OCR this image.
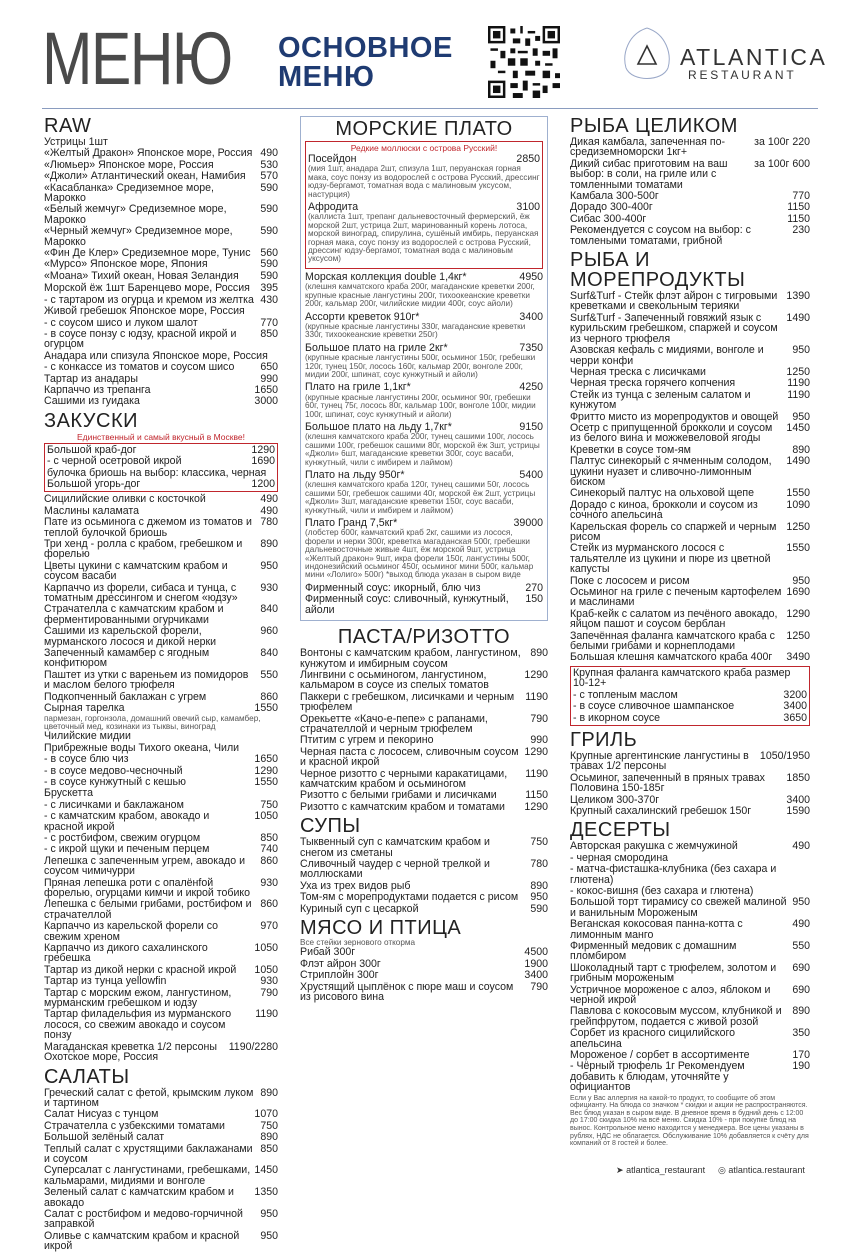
МЕНЮ ОСНОВНОЕ
МЕНЮ
ATLANTICA
RESTAURANT
RAW
Устрицы 1шт
«Желтый Дракон» Японское море, Россия 490
«Люмьер» Японское море, Россия	530
«Джоли» Атлантический океан, Намибия	570
«Касабланка» Средиземное море, Марокко
590
«Белый жемчуг» Средиземное море, Марокко
590
«Черный жемчуг» Средиземное море, Марокко
590
«Фин Де Клер» Средиземное море, Тунис 560
«Мурсо» Японское море, Япония	590
«Моана» Тихий океан, Новая Зеландия	590
Морской ёж 1шт Баренцево море, Россия 395
- с тартаром из огурца и кремом из желтка 430
Живой гребешок Японское море, Россия
- с соусом шисо и луком шалот	770
- в соусе понзу с юдзу, красной икрой и огурцом
850
Анадара или спизула Японское море, Россия
- с конкассе из томатов и соусом шисо	650
Тартар из анадары	990
Карпаччо из трепанга	1650
Сашими из гуидака	3000
ЗАКУСКИ
Единственный и самый вкусный в Москве!
Большой краб-дог	1290
- с черной осетровой икрой	1690
булочка бриошь на выбор: классика, черная
Большой угорь-дог	1200
Сицилийские оливки с косточкой	490
Маслины каламата	490
Пате из осьминога с джемом из томатов и теплой булочкой бриошь
780
Три хенд - ролла с крабом, гребешком и форелью
890
Цветы цукини с камчатским крабом и соусом васаби
950
Карпаччо из форели, сибаса и тунца, с томатным дрессингом и снегом «юдзу»
930
Страчателла с камчатским крабом и ферментированными огурчиками
840
Сашими из карельской форели, мурманского лосося и дикой нерки
960
Запеченный камамбер с ягодным конфитюром
840
Паштет из утки с вареньем из помидоров и маслом белого трюфеля
550
Подкопченный баклажан с угрем	860
Сырная тарелка	1550
пармезан, горгонзола, домашний овечий сыр, камамбер, цветочный мед, козинаки из тыквы, виноград
Чилийские мидии
Прибрежные воды Тихого океана, Чили
- в соусе блю чиз	1650
- в соусе медово-чесночный	1290
- в соусе кунжутный с кешью	1550
Брускетта
- с лисичками и баклажаном	750
- с камчатским крабом, авокадо и красной икрой
1050
- с ростбифом, свежим огурцом	850
- с икрой щуки и печеным перцем	740
Лепешка с запеченным угрем, авокадо и соусом чимичурри
860
Пряная лепешка роти с опалёнfой форелью, огурцами кимчи и икрой тобико
930
Лепешка с белыми грибами, ростбифом и страчателлой
860
Карпаччо из карельской форели со свежим хреном
970
Карпаччо из дикого сахалинского гребешка
1050
Тартар из дикой нерки с красной икрой	1050
Тартар из тунца yellowfin	930
Тартар с морским ежом, лангустином, мурманским гребешком и юдзу
790
Тартар филадельфия из мурманского лосося, со свежим авокадо и соусом понзу
1190
Магаданская креветка 1/2 персоны Охотское море, Россия
1190/2280
САЛАТЫ
Греческий салат с фетой, крымским луком и тартином
890
Салат Нисуаз с тунцом	1070
Страчателла с узбекскими томатами	750
Большой зелёный салат	890
Теплый салат с хрустящими баклажанами и соусом
850
Суперсалат с лангустинами, гребешками, кальмарами, мидиями и вонголе
1450
Зеленый салат с камчатским крабом и авокадо
1350
Салат с ростбифом и медово-горчичной заправкой
950
Оливье с камчатским крабом и красной икрой
950
МОРСКИЕ ПЛАТО
Редкие моллюски с острова Русский!
Посейдон	2850
(мия 1шт, анадара 2шт, спизула 1шт, перуанская горная мака, соус понзу из водорослей с острова Русский, дрессинг юдзу-бергамот, томатная вода с малиновым уксусом, настурция)
Афродита	3100
(каллиста 1шт, трепанг дальневосточный фермерский, ёж морской 2шт, устрица 2шт, маринованный корень лотоса, морской виноград, спирулина, сушёный имбирь, перуанская горная мака, соус понзу из водорослей с острова Русский, дрессинг юдзу-бергамот, томатная вода с малиновым уксусом)
Морская коллекция double 1,4кг*	4950
(клешня камчатского краба 200г, магаданские креветки 200г, крупные красные лангустины 200г, тихоокеанские креветки 200г, кальмар 200г, чилийские мидии 400г, соус айоли)
Ассорти креветок 910г*	3400
(крупные красные лангустины 330г, магаданские креветки 330г, тихоокеанские креветки 250г)
Большое плато на гриле 2кг*	7350
(крупные красные лангустины 500г, осьминог 150г, гребешки 120г, тунец 150г, лосось 160г, кальмар 200г, вонголе 200г, мидии 200г, шпинат, соус кунжутный и айоли)
Плато на гриле 1,1кг*	4250
(крупные красные лангустины 200г, осьминог 90г, гребешки 60г, тунец 75г, лосось 80г, кальмар 100г, вонголе 100г, мидии 100г, шпинат, соус кунжутный и айоли)
Большое плато на льду 1,7кг*	9150
(клешня камчатского краба 200г, тунец сашими 100г, лосось сашими 100г, гребешок сашими 80г, морской ёж 3шт, устрицы «Джоли» 6шт, магаданские креветки 300г, соус васаби, кунжутный, чили с имбирем и лаймом)
Плато на льду 950г*	5400
(клешня камчатского краба 120г, тунец сашими 50г, лосось сашими 50г, гребешок сашими 40г, морской ёж 2шт, устрицы «Джоли» 3шт, магаданские креветки 150г, соус васаби, кунжутный, чили и имбирем и лаймом)
Плато Гранд 7,5кг*	39000
(лобстер 600г, камчатский краб 2кг, сашими из лосося, форели и нерки 300г, креветка магаданская 500г, гребешки дальневосточные живые 4шт, ёж морской 9шт, устрица «Желтый дракон» 9шт, икра форели 150г, лангустины 500г, индонезийский осьминог 450г, осьминог мини 500г, кальмар мини «Лолиго» 500г) *выход блюда указан в сыром виде
Фирменный соус: икорный, блю чиз	270
Фирменный соус: сливочный, кунжутный, айоли
150
ПАСТА/РИЗОТТО
Вонтоны с камчатским крабом, лангустином, кунжутом и имбирным соусом
890
Лингвини с осьминогом, лангустином, кальмаром в соусе из спелых томатов
1290
Паккери с гребешком, лисичками и черным трюфелем
1190
Орекьетте «Качо-е-пепе» с рапанами, страчателлой и черным трюфелем
790
Птитим с угрем и пекорино	990
Черная паста с лососем, сливочным соусом и красной икрой
1290
Черное ризотто с черными каракатицами, камчатским крабом и осьминогом
1190
Ризотто с белыми грибами и лисичками	1150
Ризотто с камчатским крабом и томатами	1290
СУПЫ
Тыквенный суп с камчатским крабом и снегом из сметаны
750
Сливочный чаудер с черной трелкой и моллюсками
780
Уха из трех видов рыб	890
Том-ям с морепродуктами подается с рисом	950
Куриный суп с цесаркой	590
МЯСО И ПТИЦА
Все стейки зернового откорма
Рибай 300г	4500
Флэт айрон 300г	1900
Стриплойн 300г	3400
Хрустящий цыплёнок с пюре маш и соусом из рисового вина
790
РЫБА ЦЕЛИКОМ
Дикая камбала, запеченная по-средиземноморски 1кг+
за 100г 220
Дикий сибас приготовим на ваш выбор: в соли, на гриле или с томленными томатами
за 100г 600
Камбала 300-500г	770
Дорадо 300-400г	1150
Сибас 300-400г	1150
Рекомендуется с соусом на выбор: с томлеными томатами, грибной
230
РЫБА И МОРЕПРОДУКТЫ
Surf&Turf - Стейк флэт айрон с тигровыми креветками и свекольным терияки
1390
Surf&Turf - Запеченный говяжий язык с курильским гребешком, спаржей и соусом из черного трюфеля
1490
Азовская кефаль с мидиями, вонголе и черри конфи
950
Черная треска с лисичками	1250
Черная треска горячего копчения	1190
Стейк из тунца с зеленым салатом и кунжутом
1190
Фритто мисто из морепродуктов и овощей	950
Осетр с припущенной брокколи и соусом из белого вина и можжевеловой ягоды
1450
Креветки в соусе том-ям	890
Палтус синекорый с ячменным солодом, цукини нуазет и сливочно-лимонным биском
1490
Синекорый палтус на ольховой щепе	1550
Дорадо с киноа, брокколи и соусом из сочного апельсина
1090
Карельская форель со спаржей и черным рисом
1250
Стейк из мурманского лосося с тальятелле из цукини и пюре из цветной капусты
1550
Поке с лососем и рисом	950
Осьминог на гриле с печеным картофелем и маслинами
1690
Краб-кейк с салатом из печёного авокадо, яйцом пашот и соусом берблан
1290
Запечённая фаланга камчатского краба с белыми грибами и корнеплодами
1250
Большая клешня камчатского краба 400г	3490
Крупная фаланга камчатского краба размер 10-12+
- с топленым маслом	3200
- в соусе сливочное шампанское	3400
- в икорном соусе	3650
ГРИЛЬ
Крупные аргентинские лангустины в травах 1/2 персоны
1050/1950
Осьминог, запеченный в пряных травах Половина 150-185г
1850
Целиком 300-370г	3400
Крупный сахалинский гребешок 150г	1590
ДЕСЕРТЫ
Авторская ракушка с жемчужиной	490
- черная смородина
- матча-фисташка-клубника (без сахара и глютена)
- кокос-вишня (без сахара и глютена)
Большой торт тирамису со свежей малиной и ванильным Мороженым
950
Веганская кокосовая панна-котта с лимонным манго
490
Фирменный медовик с домашним пломбиром
550
Шоколадный тарт с трюфелем, золотом и грибным мороженым
690
Устричное мороженое с алоэ, яблоком и черной икрой
690
Павлова с кокосовым муссом, клубникой и грейпфрутом, подается с живой розой
890
Сорбет из красного сицилийского апельсина
350
Мороженое / сорбет в ассортименте	170
- Чёрный трюфель 1г Рекомендуем добавить к блюдам, уточняйте у официантов
190
Если у Вас аллергия на какой-то продукт, то сообщите об этом официанту. На блюда со значком * скидки и акции не распространяются. Вес блюд указан в сыром виде. В дневное время в будний день с 12:00 до 17:00 скидка 10% на всё меню. Скидка 10% - при покупке блюд на вынос. Контрольное меню находится у менеджера. Все цены указаны в рублях, НДС не облагается. Обслуживание 10% добавляется к счёту для компаний от 8 гостей и более.
➤ atlantica_restaurant ◎ atlantica.restaurant
